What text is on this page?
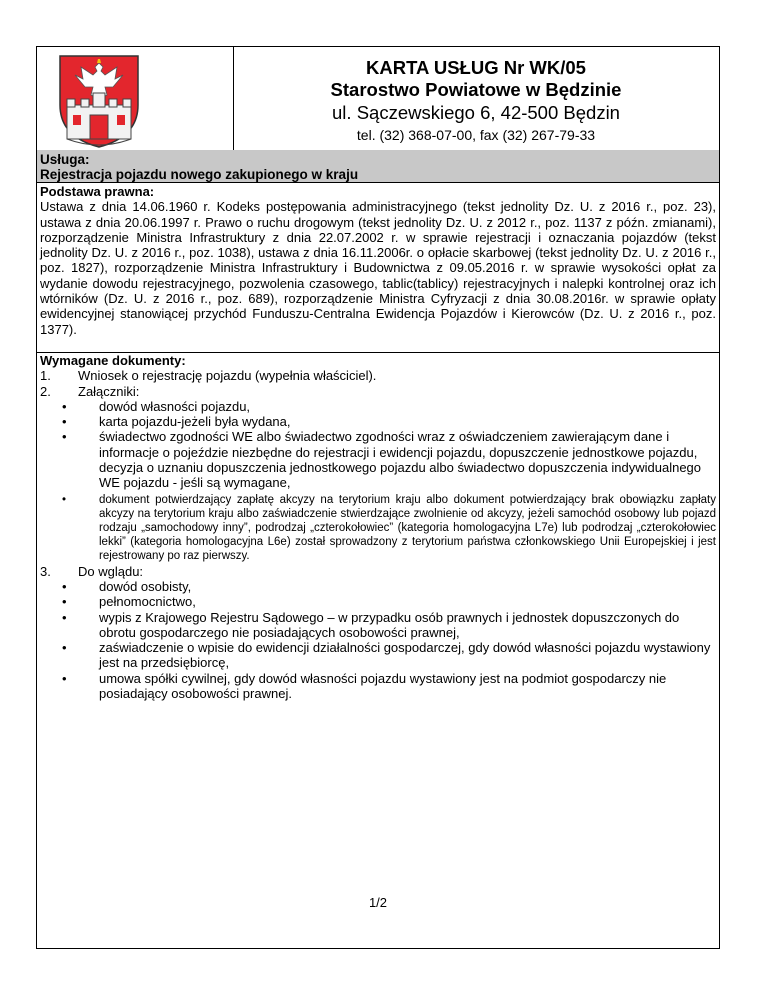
KARTA USŁUG Nr WK/05
Starostwo Powiatowe w Będzinie
ul. Sączewskiego 6, 42-500 Będzin
tel. (32) 368-07-00, fax (32) 267-79-33
Usługa:
Rejestracja pojazdu nowego zakupionego w kraju
Podstawa prawna:
Ustawa z dnia 14.06.1960 r. Kodeks postępowania administracyjnego (tekst jednolity Dz. U. z 2016 r., poz. 23), ustawa z dnia 20.06.1997 r. Prawo o ruchu drogowym (tekst jednolity Dz. U. z 2012 r., poz. 1137 z późn. zmianami), rozporządzenie Ministra Infrastruktury z dnia 22.07.2002 r. w sprawie rejestracji i oznaczania pojazdów (tekst jednolity Dz. U. z 2016 r., poz. 1038), ustawa z dnia 16.11.2006r. o opłacie skarbowej (tekst jednolity Dz. U. z 2016 r., poz. 1827), rozporządzenie Ministra Infrastruktury i Budownictwa z 09.05.2016 r. w sprawie wysokości opłat za wydanie dowodu rejestracyjnego, pozwolenia czasowego, tablic(tablicy) rejestracyjnych i nalepki kontrolnej oraz ich wtórników (Dz. U. z 2016 r., poz. 689), rozporządzenie Ministra Cyfryzacji z dnia 30.08.2016r. w sprawie opłaty ewidencyjnej stanowiącej przychód Funduszu-Centralna Ewidencja Pojazdów i Kierowców (Dz. U. z 2016 r., poz. 1377).
Wymagane dokumenty:
1.	Wniosek o rejestrację pojazdu (wypełnia właściciel).
2.	Załączniki:
• dowód własności pojazdu,
• karta pojazdu-jeżeli była wydana,
• świadectwo zgodności WE albo świadectwo zgodności wraz z oświadczeniem zawierającym dane i informacje o pojeździe niezbędne do rejestracji i ewidencji pojazdu, dopuszczenie jednostkowe pojazdu, decyzja o uznaniu dopuszczenia jednostkowego pojazdu albo świadectwo dopuszczenia indywidualnego WE pojazdu - jeśli są wymagane,
•	dokument potwierdzający zapłatę akcyzy na terytorium kraju albo dokument potwierdzający brak obowiązku zapłaty akcyzy na terytorium kraju albo zaświadczenie stwierdzające zwolnienie od akcyzy, jeżeli samochód osobowy lub pojazd rodzaju „samochodowy inny”, podrodzaj „czterokołowiec” (kategoria homologacyjna L7e) lub podrodzaj „czterokołowiec lekki” (kategoria homologacyjna L6e) został sprowadzony z terytorium państwa członkowskiego Unii Europejskiej i jest rejestrowany po raz pierwszy.
3.	Do wglądu:
• dowód osobisty,
• pełnomocnictwo,
• wypis z Krajowego Rejestru Sądowego – w przypadku osób prawnych i jednostek dopuszczonych do obrotu gospodarczego nie posiadających osobowości prawnej,
• zaświadczenie o wpisie do ewidencji działalności gospodarczej, gdy dowód własności pojazdu wystawiony jest na przedsiębiorcę,
• umowa spółki cywilnej, gdy dowód własności pojazdu wystawiony jest na podmiot gospodarczy nie posiadający osobowości prawnej.
1/2
